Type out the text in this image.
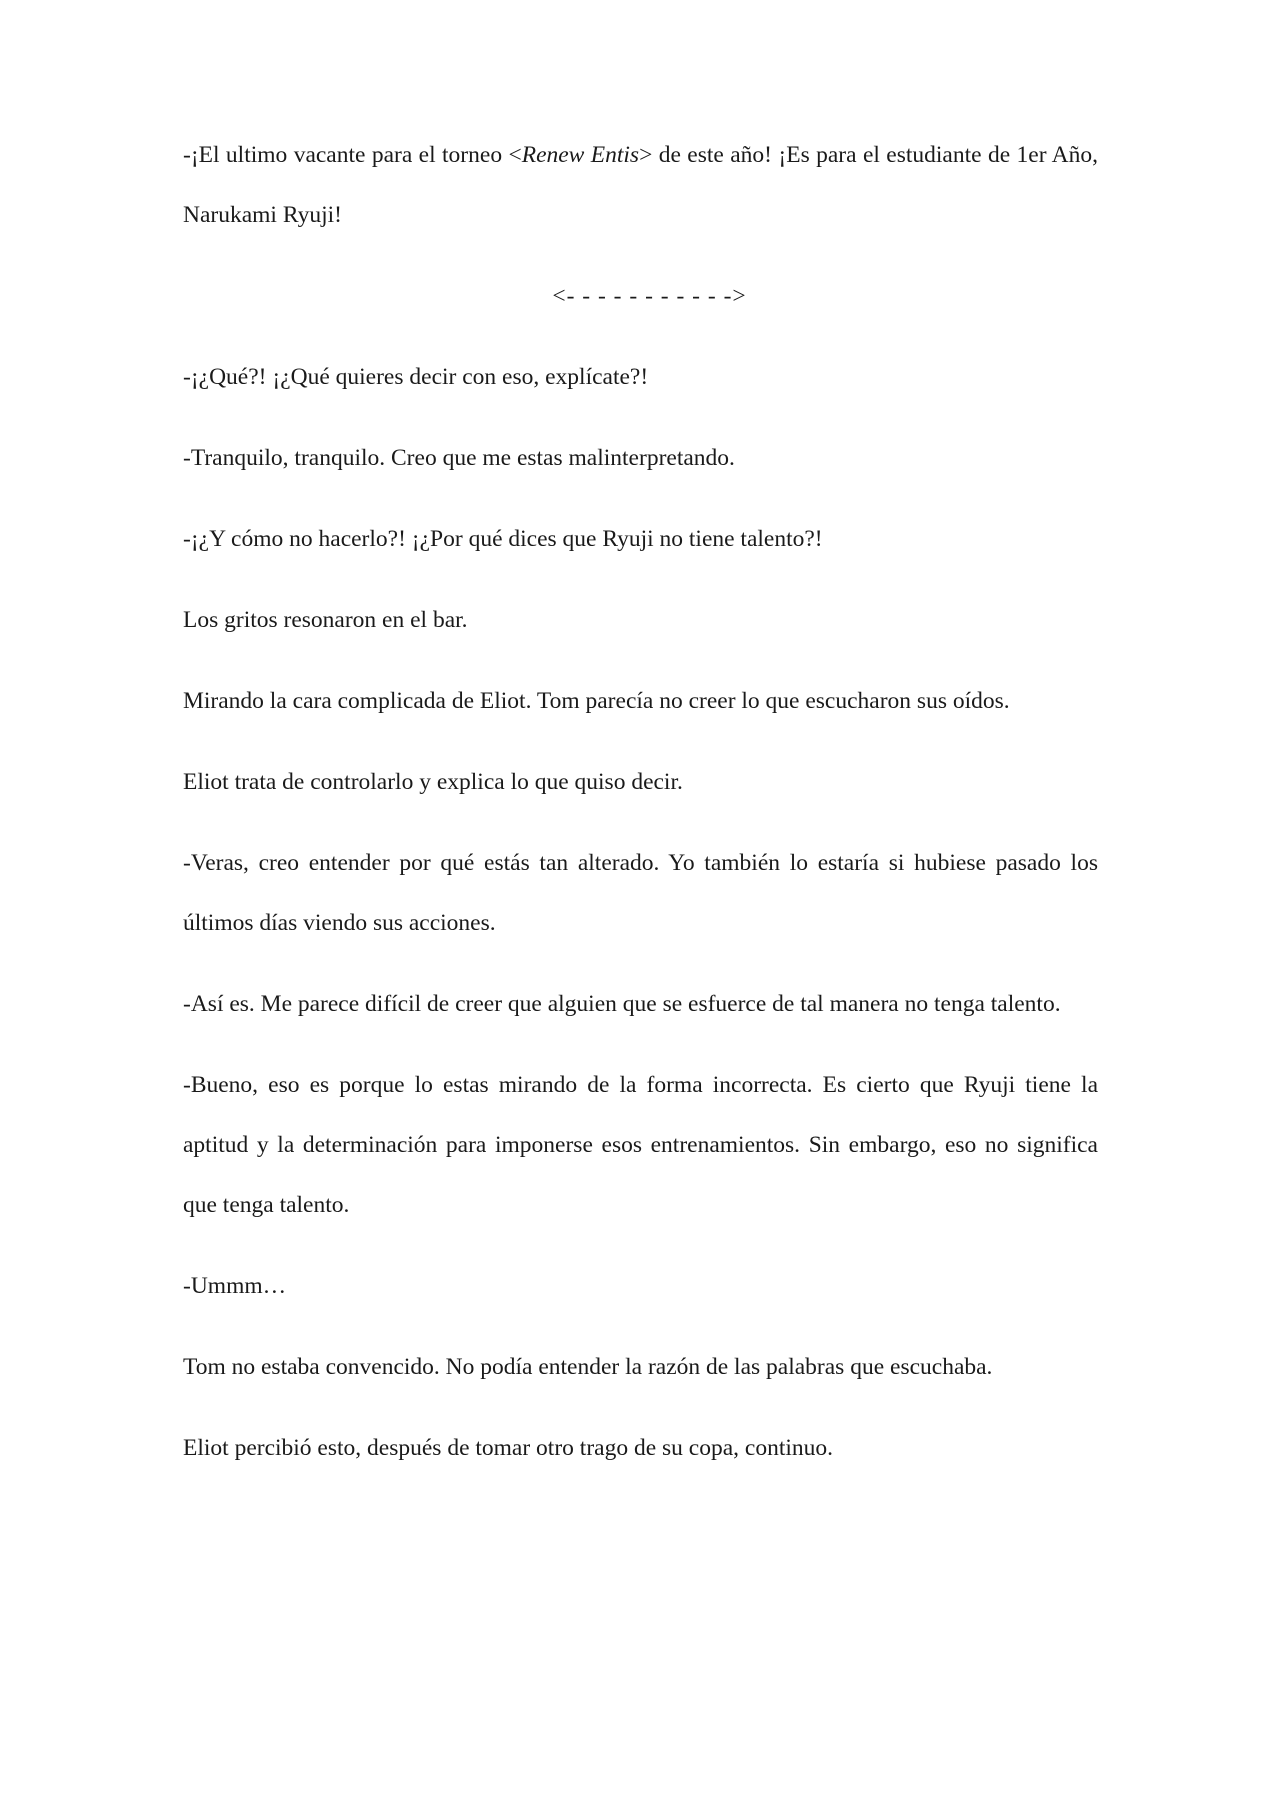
-¡El ultimo vacante para el torneo <Renew Entis> de este año! ¡Es para el estudiante de 1er Año, Narukami Ryuji!

<- - - - - - - - - - ->

-¡¿Qué?! ¡¿Qué quieres decir con eso, explícate?!

-Tranquilo, tranquilo. Creo que me estas malinterpretando.

-¡¿Y cómo no hacerlo?! ¡¿Por qué dices que Ryuji no tiene talento?!

Los gritos resonaron en el bar.

Mirando la cara complicada de Eliot. Tom parecía no creer lo que escucharon sus oídos.

Eliot trata de controlarlo y explica lo que quiso decir.

-Veras, creo entender por qué estás tan alterado. Yo también lo estaría si hubiese pasado los últimos días viendo sus acciones.

-Así es. Me parece difícil de creer que alguien que se esfuerce de tal manera no tenga talento.

-Bueno, eso es porque lo estas mirando de la forma incorrecta. Es cierto que Ryuji tiene la aptitud y la determinación para imponerse esos entrenamientos. Sin embargo, eso no significa que tenga talento.

-Ummm…

Tom no estaba convencido. No podía entender la razón de las palabras que escuchaba.

Eliot percibió esto, después de tomar otro trago de su copa, continuo.
